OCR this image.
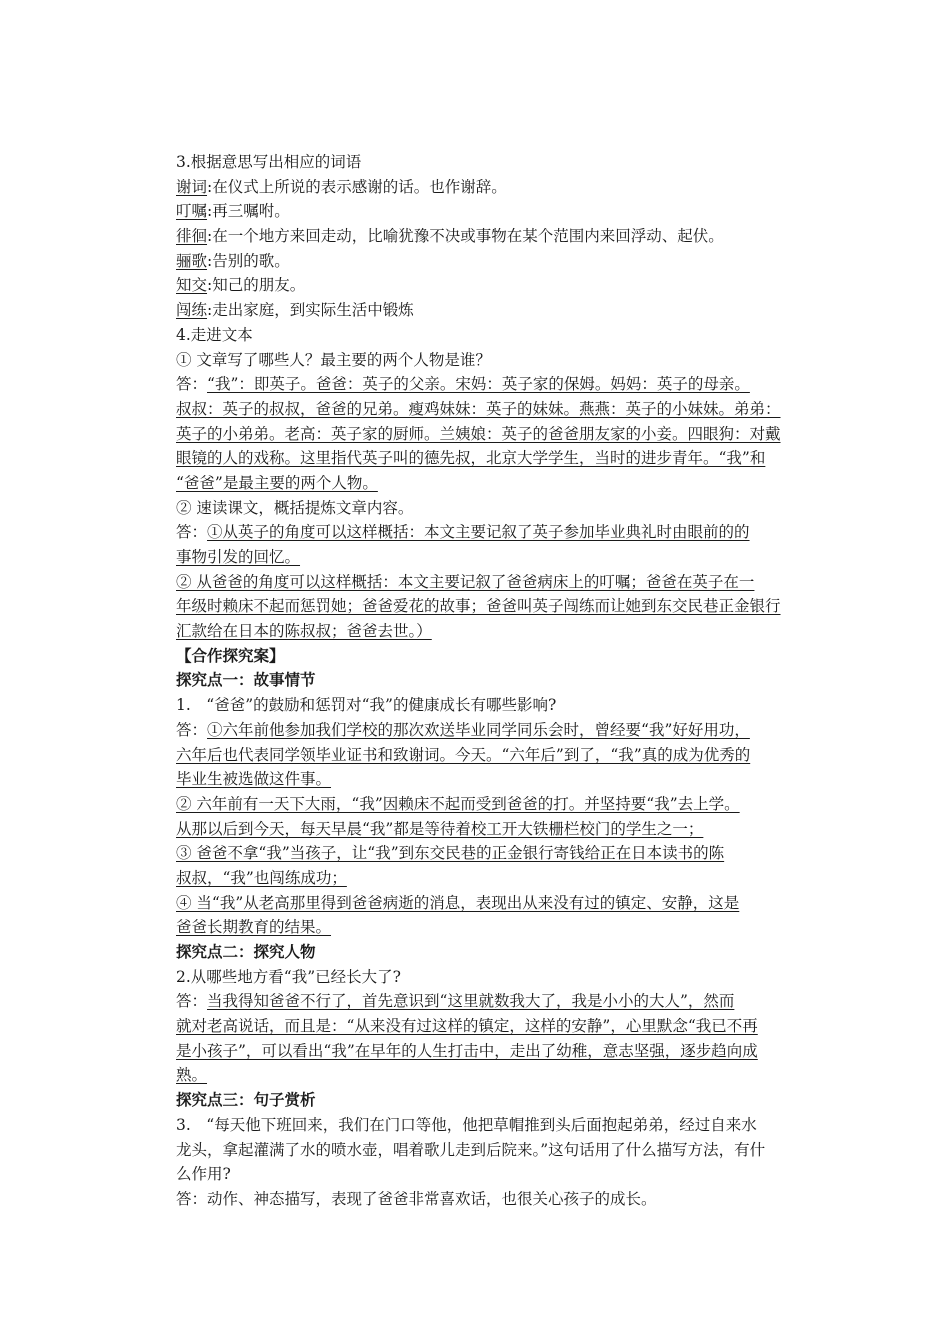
3.根据意思写出相应的词语
谢词:在仪式上所说的表示感谢的话。也作谢辞。
叮嘱:再三嘱咐。
徘徊:在一个地方来回走动，比喻犹豫不决或事物在某个范围内来回浮动、起伏。
骊歌:告别的歌。
知交:知己的朋友。
闯练:走出家庭，到实际生活中锻炼
4.走进文本
① 文章写了哪些人？最主要的两个人物是谁？
答：“我”：即英子。爸爸：英子的父亲。宋妈：英子家的保姆。妈妈：英子的母亲。
叔叔：英子的叔叔，爸爸的兄弟。瘦鸡妹妹：英子的妹妹。燕燕：英子的小妹妹。弟弟：
英子的小弟弟。老高：英子家的厨师。兰姨娘：英子的爸爸朋友家的小妾。四眼狗：对戴
眼镜的人的戏称。这里指代英子叫的德先叔，北京大学学生，当时的进步青年。“我”和
“爸爸”是最主要的两个人物。
② 速读课文，概括提炼文章内容。
答：①从英子的角度可以这样概括：本文主要记叙了英子参加毕业典礼时由眼前的的
事物引发的回忆。
② 从爸爸的角度可以这样概括：本文主要记叙了爸爸病床上的叮嘱；爸爸在英子在一
年级时赖床不起而惩罚她；爸爸爱花的故事；爸爸叫英子闯练而让她到东交民巷正金银行
汇款给在日本的陈叔叔；爸爸去世。）
【合作探究案】
探究点一：故事情节
1.　“爸爸”的鼓励和惩罚对“我”的健康成长有哪些影响?
答：①六年前他参加我们学校的那次欢送毕业同学同乐会时，曾经要“我”好好用功，
六年后也代表同学领毕业证书和致谢词。今天。“六年后”到了，“我”真的成为优秀的
毕业生被选做这件事。
② 六年前有一天下大雨，“我”因赖床不起而受到爸爸的打。并坚持要“我”去上学。
从那以后到今天，每天早晨“我”都是等待着校工开大铁栅栏校门的学生之一；
③ 爸爸不拿“我”当孩子，让“我”到东交民巷的正金银行寄钱给正在日本读书的陈
叔叔，“我”也闯练成功；
④ 当“我”从老高那里得到爸爸病逝的消息，表现出从来没有过的镇定、安静，这是
爸爸长期教育的结果。
探究点二：探究人物
2.从哪些地方看“我”已经长大了?
答：当我得知爸爸不行了，首先意识到“这里就数我大了，我是小小的大人”，然而
就对老高说话，而且是：“从来没有过这样的镇定，这样的安静”，心里默念“我已不再
是小孩子”，可以看出“我”在早年的人生打击中，走出了幼稚，意志坚强，逐步趋向成
熟。
探究点三：句子赏析
3.　“每天他下班回来，我们在门口等他，他把草帽推到头后面抱起弟弟，经过自来水
龙头，拿起灌满了水的喷水壶，唱着歌儿走到后院来。”这句话用了什么描写方法，有什
么作用?
答：动作、神态描写，表现了爸爸非常喜欢话，也很关心孩子的成长。
